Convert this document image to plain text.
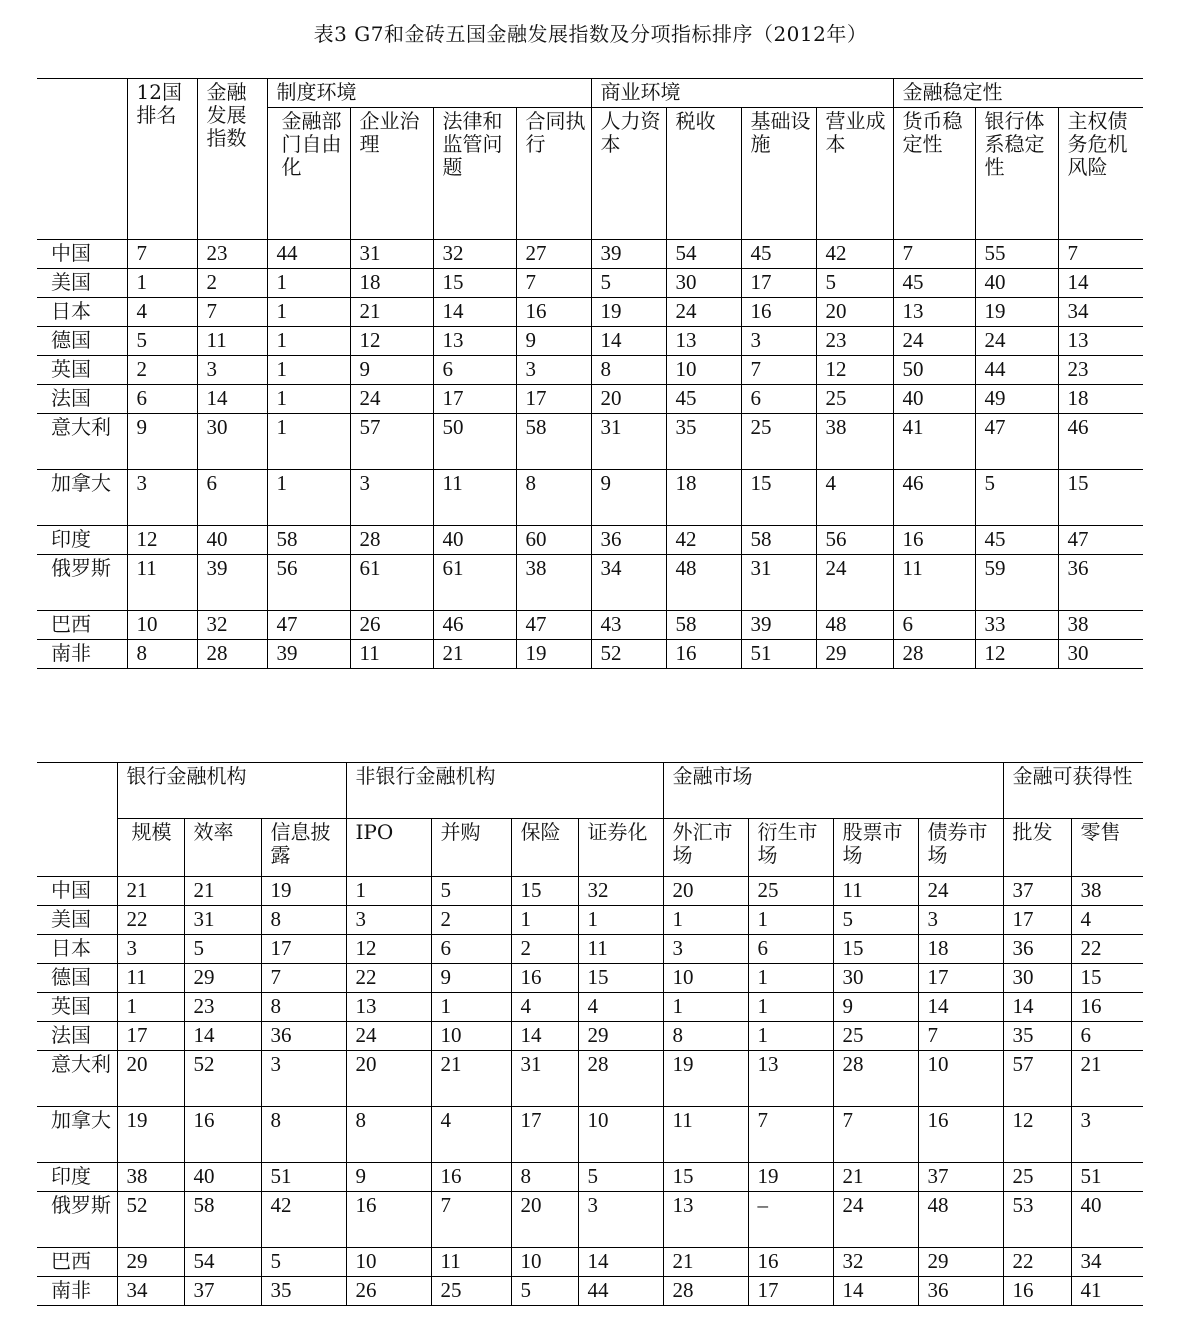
表3 G7和金砖五国金融发展指数及分项指标排序（2012年）
	12国排名	金融发展指数	制度环境				商业环境				金融稳定性		
			金融部门自由化	企业治理	法律和监管问题	合同执行	人力资本	税收	基础设施	营业成本	货币稳定性	银行体系稳定性	主权债务危机风险
中国	7	23	44	31	32	27	39	54	45	42	7	55	7
美国	1	2	1	18	15	7	5	30	17	5	45	40	14
日本	4	7	1	21	14	16	19	24	16	20	13	19	34
德国	5	11	1	12	13	9	14	13	3	23	24	24	13
英国	2	3	1	9	6	3	8	10	7	12	50	44	23
法国	6	14	1	24	17	17	20	45	6	25	40	49	18
意大利	9	30	1	57	50	58	31	35	25	38	41	47	46
加拿大	3	6	1	3	11	8	9	18	15	4	46	5	15
印度	12	40	58	28	40	60	36	42	58	56	16	45	47
俄罗斯	11	39	56	61	61	38	34	48	31	24	11	59	36
巴西	10	32	47	26	46	47	43	58	39	48	6	33	38
南非	8	28	39	11	21	19	52	16	51	29	28	12	30
	银行金融机构			非银行金融机构				金融市场				金融可获得性	
	规模	效率	信息披露	IPO	并购	保险	证券化	外汇市场	衍生市场	股票市场	债券市场	批发	零售
中国	21	21	19	1	5	15	32	20	25	11	24	37	38
美国	22	31	8	3	2	1	1	1	1	5	3	17	4
日本	3	5	17	12	6	2	11	3	6	15	18	36	22
德国	11	29	7	22	9	16	15	10	1	30	17	30	15
英国	1	23	8	13	1	4	4	1	1	9	14	14	16
法国	17	14	36	24	10	14	29	8	1	25	7	35	6
意大利	20	52	3	20	21	31	28	19	13	28	10	57	21
加拿大	19	16	8	8	4	17	10	11	7	7	16	12	3
印度	38	40	51	9	16	8	5	15	19	21	37	25	51
俄罗斯	52	58	42	16	7	20	3	13	–	24	48	53	40
巴西	29	54	5	10	11	10	14	21	16	32	29	22	34
南非	34	37	35	26	25	5	44	28	17	14	36	16	41
